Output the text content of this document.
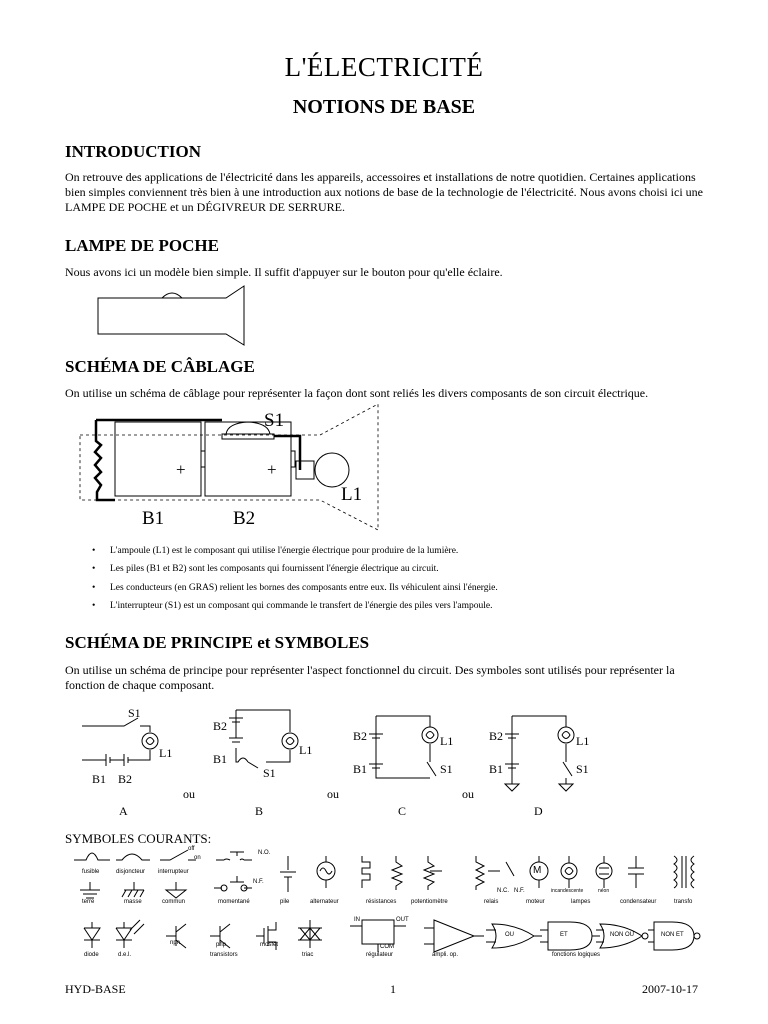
L'ÉLECTRICITÉ
NOTIONS DE BASE
INTRODUCTION

On retrouve des applications de l'électricité dans les appareils, accessoires et installations de notre quotidien. Certaines applications bien simples conviennent très bien à une introduction aux notions de base de la technologie de l'électricité. Nous avons choisi ici une LAMPE DE POCHE et un DÉGIVREUR DE SERRURE.

LAMPE DE POCHE

Nous avons ici un modèle bien simple. Il suffit d'appuyer sur le bouton pour qu'elle éclaire.

SCHÉMA DE CÂBLAGE

On utilise un schéma de câblage pour représenter la façon dont sont reliés les divers composants de son circuit électrique.

S1
L1
B1	B2
+	+
• L'ampoule (L1) est le composant qui utilise l'énergie électrique pour produire de la lumière.
• Les piles (B1 et B2) sont les composants qui fournissent l'énergie électrique au circuit.
• Les conducteurs (en GRAS) relient les bornes des composants entre eux. Ils véhiculent ainsi l'énergie.
• L'interrupteur (S1) est un composant qui commande le transfert de l'énergie des piles vers l'ampoule.
SCHÉMA DE PRINCIPE et SYMBOLES

On utilise un schéma de principe pour représenter l'aspect fonctionnel du circuit. Des symboles sont utilisés pour représenter la fonction de chaque composant.

S1
L1
B1 B2
A
ou
B2
B1
L1
S1
B
ou
B2
B1
L1
S1
C
ou
B2
B1
L1
S1
D
SYMBOLES COURANTS:
N.O.
N.F.
off
on
N.C. N.F.
M
incandescente	néon
npn	pnp	mosfet
IN	OUT
COM
OU	ET	NON OU	NON ET
fusible	disjoncteur interrupteur
pile	alternateur	résistances potentiomètre	relais	moteur	lampes	condensateur	transfo
terre	masse	commun	momentané
diode	d.e.l.	transistors	triac	régulateur	ampli. op.	fonctions logiques
HYD-BASE	1	2007-10-17
